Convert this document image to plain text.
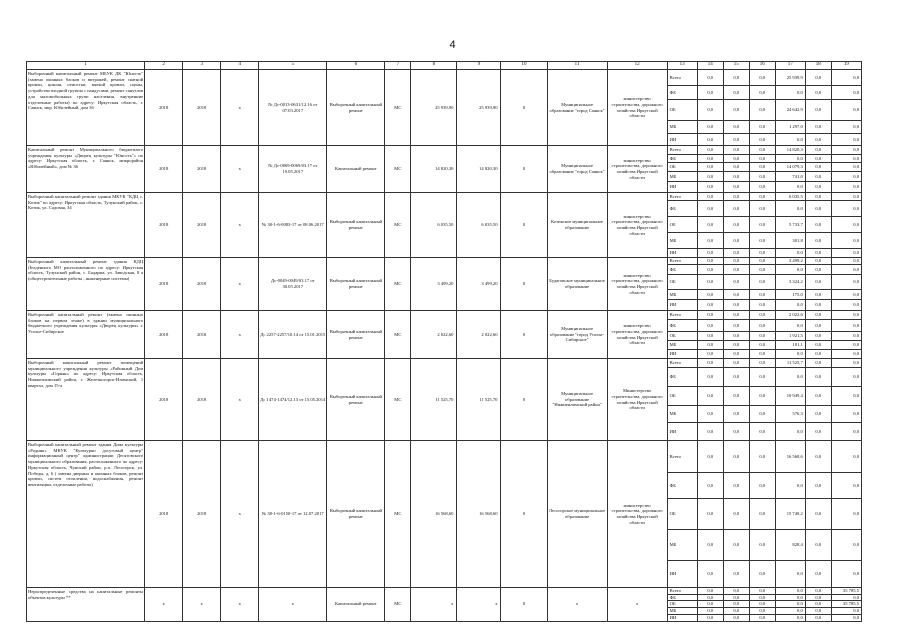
4
1	2	3	4	5	6	7	8	9	10	11	12	13	14	15	16	17	18	19
Выборочный капитальный ремонт МБУК ДК "Юность" (замена оконных блоков и витражей, ремонт скатной кровли, цоколя, отмостки, мягкой кровли, сцены, устройство входной группы с пандусами, ремонт санузлов для маломобильных групп населения, внутренние отделочные работы) по адресу: Иркутская область, г. Саянск, мкр. Юбилейный, дом 36	2018	2018	x	№ Дс-0013-0631/12.16 от 07.03.2017	Выборочный капитальный ремонт	МС	25 939,90	25 939,90	0	Муниципальное образование "город Саянск"	министерство строительства, дорожного хозяйства Иркутской области	Всего	0,0	0,0	0,0	25 939,9	0,0	0,0
												ФБ	0,0	0,0	0,0	0,0	0,0	0,0
												ОБ	0,0	0,0	0,0	24 642,9	0,0	0,0
												МБ	0,0	0,0	0,0	1 297,0	0,0	0,0
												ИИ	0,0	0,0	0,0	0,0	0,0	0,0
Капитальный ремонт Муниципального бюджетного учреждения культуры «Дворец культуры "Юность"» по адресу: Иркутская область, г. Саянск, микрорайон «Юбилейный», дом № 36	2018	2018	x	№ Дс-0069-0069/03.17 от 19.05.2017	Капитальный ремонт	МС	14 820,30	14 820,30	0	Муниципальное образование "город Саянск"	министерство строительства, дорожного хозяйства Иркутской области	Всего	0,0	0,0	0,0	14 820,3	0,0	0,0
												ФБ	0,0	0,0	0,0	0,0	0,0	0,0
												ОБ	0,0	0,0	0,0	14 079,3	0,0	0,0
												МБ	0,0	0,0	0,0	741,0	0,0	0,0
												ИИ	0,0	0,0	0,0	0,0	0,0	0,0
Выборочный капитальный ремонт здания МКУК "КДЦ с. Котик" по адресу: Иркутская область, Тулунский район, с. Котик, ул. Садовая, 34	2018	2018	x	№ 38-1-6-0083-17 от 08.06.2017	Выборочный капитальный ремонт	МС	6 035,50	6 035,50	0	Котикское муниципальное образование	министерство строительства, дорожного хозяйства Иркутской области	Всего	0,0	0,0	0,0	6 035,5	0,0	0,0
												ФБ	0,0	0,0	0,0	0,0	0,0	0,0
												ОБ	0,0	0,0	0,0	5 733,7	0,0	0,0
												МБ	0,0	0,0	0,0	301,8	0,0	0,0
												ИИ	0,0	0,0	0,0	0,0	0,0	0,0
Выборочный капитальный ремонт здания КДЦ (Їелденного МО расположенного по адресу: Иркутская область, Тулунский район, с. Бадарма, ул. Заводская, 8 а (общестроительные работы , инженерные системы)	2018	2018	x	Дс-0049-0049/03.17 от 30.05.2017	Выборочный капитальный ремонт	МС	3 499,20	3 499,20	0	Будаговское муниципальное образование	министерство строительства, дорожного хозяйства Иркутской области	Всего	0,0	0,0	0,0	3 499,2	0,0	0,0
												ФБ	0,0	0,0	0,0	0,0	0,0	0,0
												ОБ	0,0	0,0	0,0	3 324,2	0,0	0,0
												МБ	0,0	0,0	0,0	175,0	0,0	0,0
												ИИ	0,0	0,0	0,0	0,0	0,0	0,0
Выборочный капитальный ремонт (замена оконных блоков на первом этаже) в здании муниципального бюджетного учреждения культуры «Дворец культуры» г. Усолье-Сибирское	2018	2018	x	Дс 2257-2257/10.14 от 15.01.2015	Выборочный капитальный ремонт	МС	2 022,60	2 022,60	0	Муниципальное образование "город Усолье-Сибирское"	министерство строительства, дорожного хозяйства Иркутской области	Всего	0,0	0,0	0,0	2 022,6	0,0	0,0
												ФБ	0,0	0,0	0,0	0,0	0,0	0,0
												ОБ	0,0	0,0	0,0	1 921,5	0,0	0,0
												МБ	0,0	0,0	0,0	101,1	0,0	0,0
												ИИ	0,0	0,0	0,0	0,0	0,0	0,0
Выборочный капитальный ремонт помещений муниципального учреждения культуры «Районный Дом культуры «Горняк» по адресу: Иркутская область, Нижнеилимский район, г. Железногорск-Илимский, 1 квартал, дом 15-а	2018	2018	x	Дс 1474-1474/12.13 от 15.05.2014	Выборочный капитальный ремонт	МС	11 525,70	11 525,70	0	Муниципальное образование "Нижнеилимский район"	Министерство строительства, дорожного хозяйства Иркутской области	Всего	0,0	0,0	0,0	11 525,7	0,0	0,0
												ФБ	0,0	0,0	0,0	0,0	0,0	0,0
												ОБ	0,0	0,0	0,0	10 949,4	0,0	0,0
												МБ	0,0	0,0	0,0	576,3	0,0	0,0
												ИИ	0,0	0,0	0,0	0,0	0,0	0,0
Выборочный капитальный ремонт здания Дома культуры «Родник» МКУК "Культурно досуговый центр" информационный центр" администрации Десятовского муниципального образования, расположенного по адресу: Иркутская область, Чунский район, р.п. Лесогорск, ул. Победы, д. 6 ( замена дверных и оконных блоков, ремонт кровли, систем отопления, водоснабжения, ремонт вентиляции, отделочные работы)	2018	2018	x	№ 38-1-6-0150-17 от 12.07.2017	Выборочный капитальный ремонт	МС	16 568,60	16 568,60	0	Лесогорское муниципальное образование	министерство строительства, дорожного хозяйства Иркутской области	Всего	0,0	0,0	0,0	16 568,6	0,0	0,0
												ФБ	0,0	0,0	0,0	0,0	0,0	0,0
												ОБ	0,0	0,0	0,0	15 740,2	0,0	0,0
												МБ	0,0	0,0	0,0	828,4	0,0	0,0
												ИИ	0,0	0,0	0,0	0,0	0,0	0,0
Нераспределенные средства на капитальные ремонты объектов культуры **	x	x	x	x	Капитальный ремонт	МС	x	x	0	x	x	Всего	0,0	0,0	0,0	0,0	0,0	35 785,5
												ФБ	0,0	0,0	0,0	0,0	0,0	0,0
												ОБ	0,0	0,0	0,0	0,0	0,0	35 785,5
												МБ	0,0	0,0	0,0	0,0	0,0	0,0
												ИИ	0,0	0,0	0,0	0,0	0,0	0,0
